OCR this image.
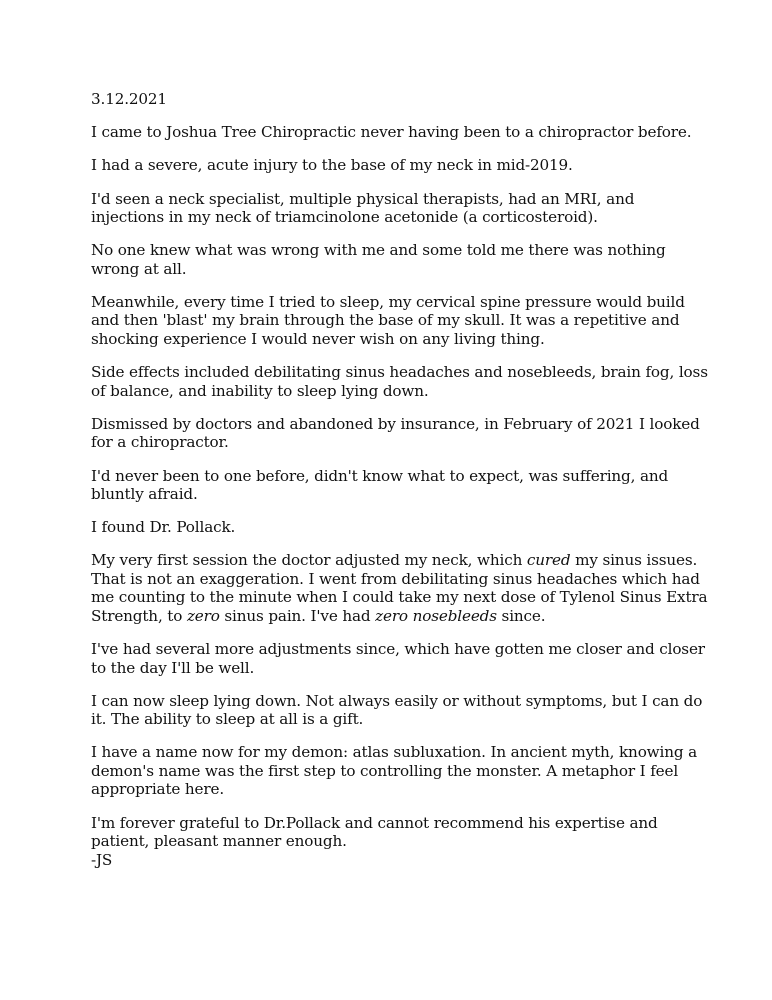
3.12.2021

I came to Joshua Tree Chiropractic never having been to a chiropractor before.

I had a severe, acute injury to the base of my neck in mid-2019.

I'd seen a neck specialist, multiple physical therapists, had an MRI, and injections in my neck of triamcinolone acetonide (a corticosteroid).

No one knew what was wrong with me and some told me there was nothing wrong at all.

Meanwhile, every time I tried to sleep, my cervical spine pressure would build and then 'blast' my brain through the base of my skull. It was a repetitive and shocking experience I would never wish on any living thing.

Side effects included debilitating sinus headaches and nosebleeds, brain fog, loss of balance, and inability to sleep lying down.

Dismissed by doctors and abandoned by insurance, in February of 2021 I looked for a chiropractor.

I'd never been to one before, didn't know what to expect, was suffering, and bluntly afraid.

I found Dr. Pollack.

My very first session the doctor adjusted my neck, which cured my sinus issues. That is not an exaggeration. I went from debilitating sinus headaches which had me counting to the minute when I could take my next dose of Tylenol Sinus Extra Strength, to zero sinus pain. I've had zero nosebleeds since.

I've had several more adjustments since, which have gotten me closer and closer to the day I'll be well.

I can now sleep lying down. Not always easily or without symptoms, but I can do it. The ability to sleep at all is a gift.

I have a name now for my demon: atlas subluxation. In ancient myth, knowing a demon's name was the first step to controlling the monster. A metaphor I feel appropriate here.

I'm forever grateful to Dr.Pollack and cannot recommend his expertise and patient, pleasant manner enough.

-JS
